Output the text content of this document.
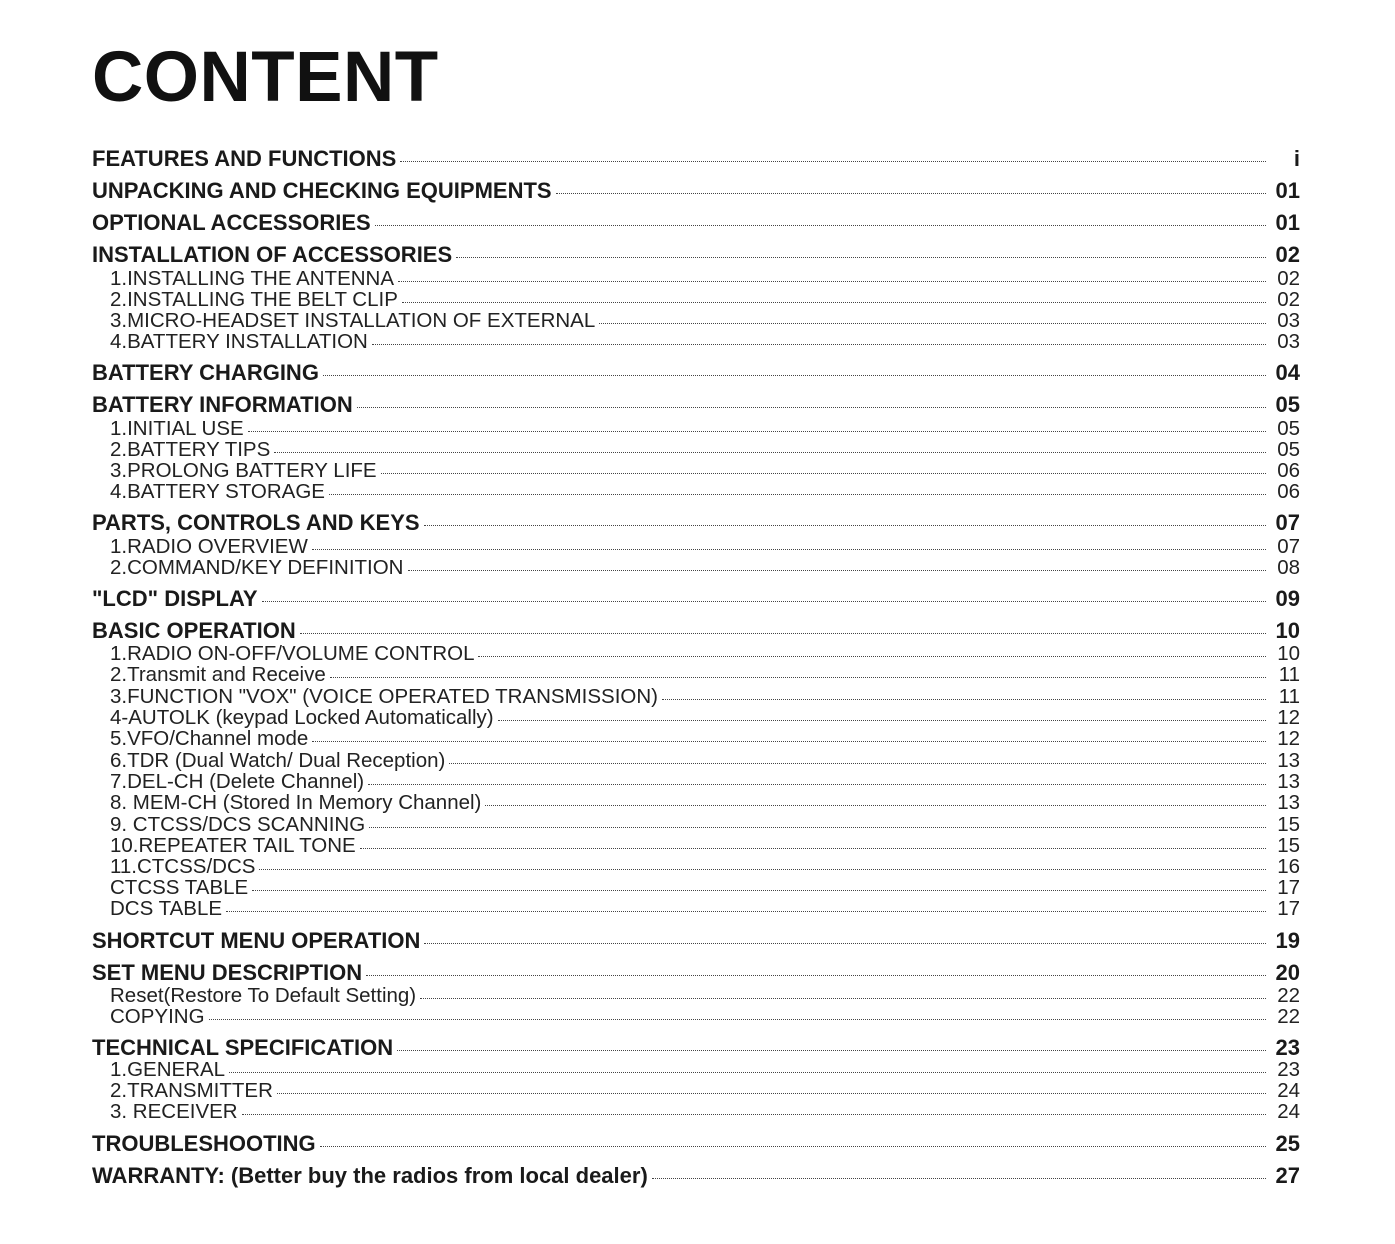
CONTENT
FEATURES AND FUNCTIONS	i
UNPACKING AND CHECKING EQUIPMENTS	01
OPTIONAL ACCESSORIES	01
INSTALLATION OF ACCESSORIES	02
1.INSTALLING THE ANTENNA	02
2.INSTALLING THE BELT CLIP	02
3.MICRO-HEADSET INSTALLATION OF EXTERNAL	03
4.BATTERY INSTALLATION	03
BATTERY CHARGING	04
BATTERY INFORMATION	05
1.INITIAL USE	05
2.BATTERY TIPS	05
3.PROLONG BATTERY LIFE	06
4.BATTERY STORAGE	06
PARTS, CONTROLS AND KEYS	07
1.RADIO OVERVIEW	07
2.COMMAND/KEY DEFINITION	08
"LCD" DISPLAY	09
BASIC OPERATION	10
1.RADIO ON-OFF/VOLUME CONTROL	10
2.Transmit and Receive	11
3.FUNCTION "VOX" (VOICE OPERATED TRANSMISSION)	11
4-AUTOLK (keypad Locked Automatically)	12
5.VFO/Channel mode	12
6.TDR (Dual Watch/ Dual Reception)	13
7.DEL-CH (Delete Channel)	13
8. MEM-CH (Stored In Memory Channel)	13
9. CTCSS/DCS SCANNING	15
10.REPEATER TAIL TONE	15
11.CTCSS/DCS	16
CTCSS TABLE	17
DCS TABLE	17
SHORTCUT MENU OPERATION	19
SET MENU DESCRIPTION	20
Reset(Restore To Default Setting)	22
COPYING	22
TECHNICAL SPECIFICATION	23
1.GENERAL	23
2.TRANSMITTER	24
3. RECEIVER	24
TROUBLESHOOTING	25
WARRANTY: (Better buy the radios from local dealer)	27
